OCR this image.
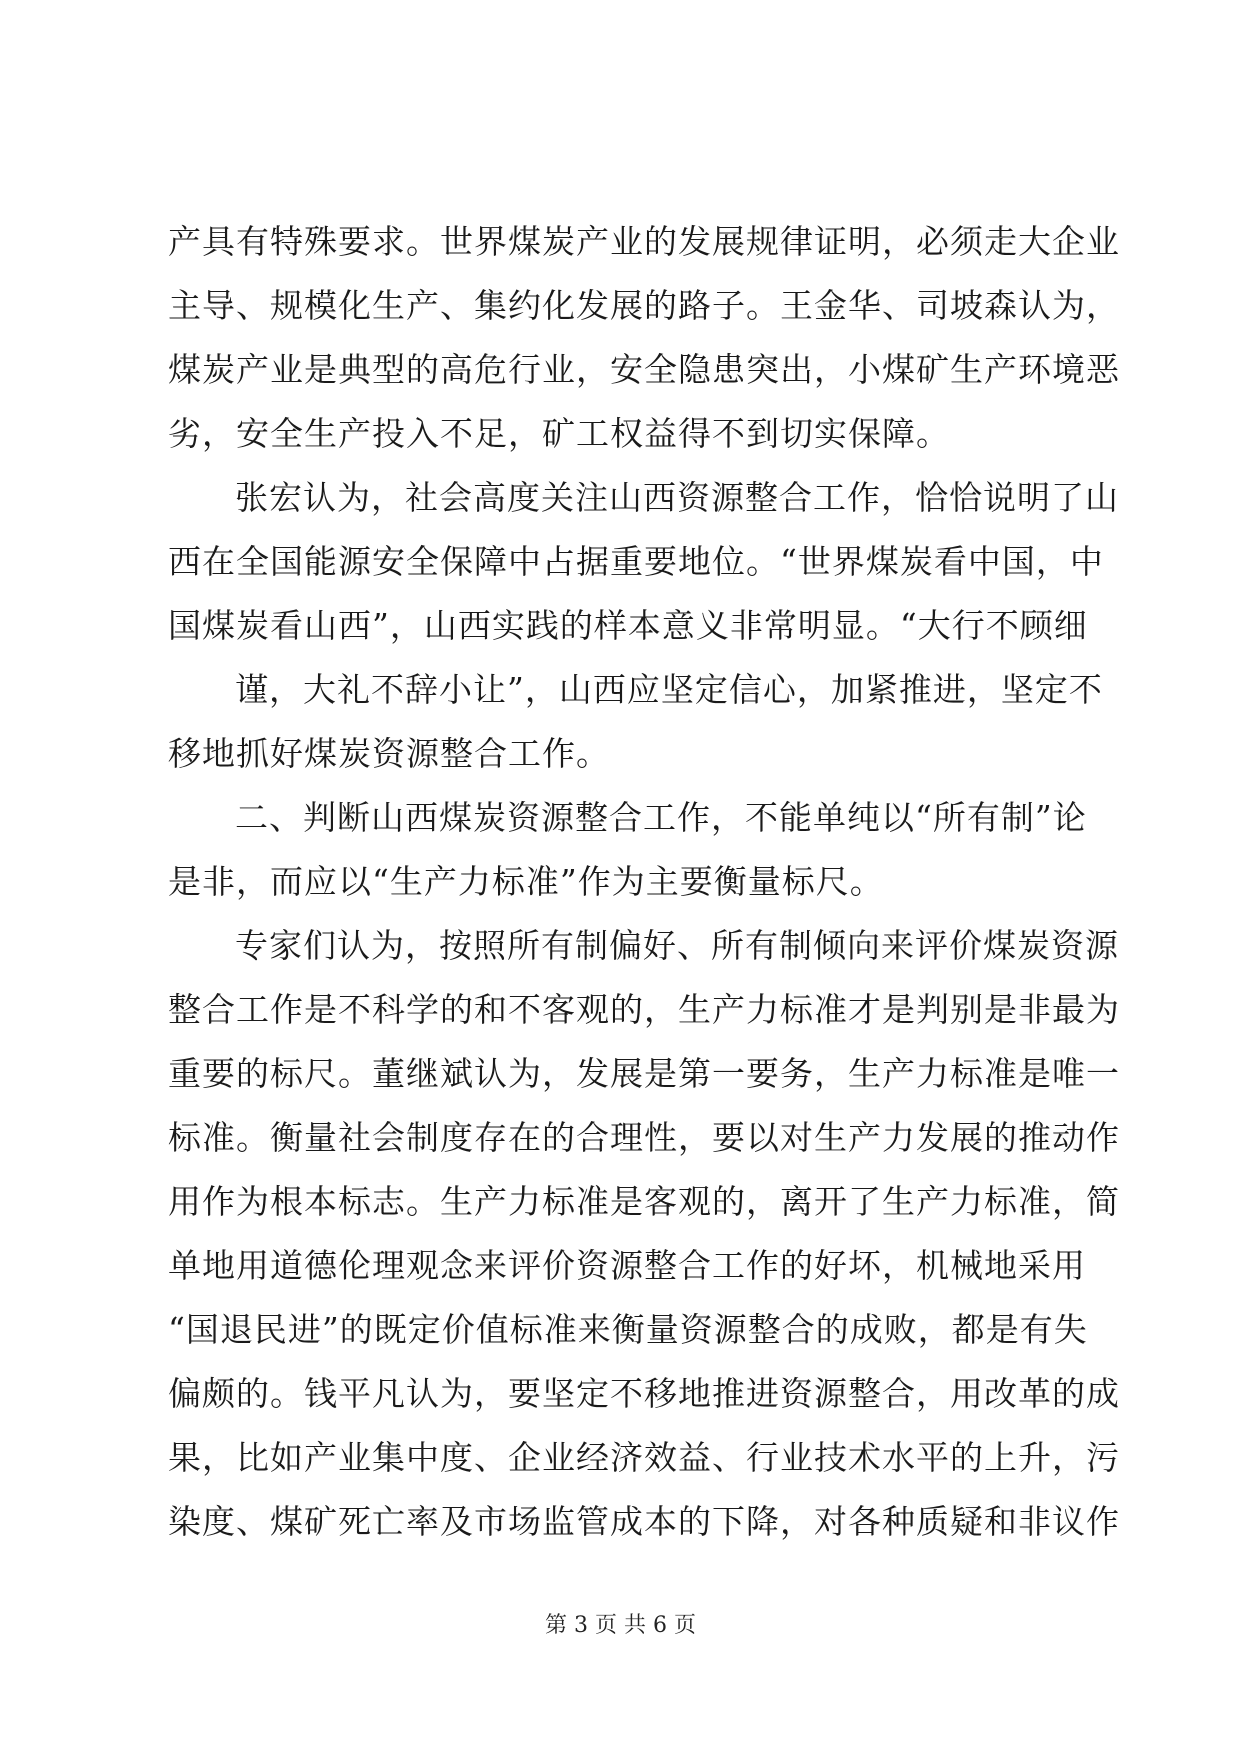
产具有特殊要求。世界煤炭产业的发展规律证明，必须走大企业
主导、规模化生产、集约化发展的路子。王金华、司坡森认为，
煤炭产业是典型的高危行业，安全隐患突出，小煤矿生产环境恶
劣，安全生产投入不足，矿工权益得不到切实保障。
张宏认为，社会高度关注山西资源整合工作，恰恰说明了山
西在全国能源安全保障中占据重要地位。“世界煤炭看中国，中
国煤炭看山西”，山西实践的样本意义非常明显。“大行不顾细
谨，大礼不辞小让”，山西应坚定信心，加紧推进，坚定不
移地抓好煤炭资源整合工作。
二、判断山西煤炭资源整合工作，不能单纯以“所有制”论
是非，而应以“生产力标准”作为主要衡量标尺。
专家们认为，按照所有制偏好、所有制倾向来评价煤炭资源
整合工作是不科学的和不客观的，生产力标准才是判别是非最为
重要的标尺。董继斌认为，发展是第一要务，生产力标准是唯一
标准。衡量社会制度存在的合理性，要以对生产力发展的推动作
用作为根本标志。生产力标准是客观的，离开了生产力标准，简
单地用道德伦理观念来评价资源整合工作的好坏，机械地采用
“国退民进”的既定价值标准来衡量资源整合的成败，都是有失
偏颇的。钱平凡认为，要坚定不移地推进资源整合，用改革的成
果，比如产业集中度、企业经济效益、行业技术水平的上升，污
染度、煤矿死亡率及市场监管成本的下降，对各种质疑和非议作
第 3 页 共 6 页
